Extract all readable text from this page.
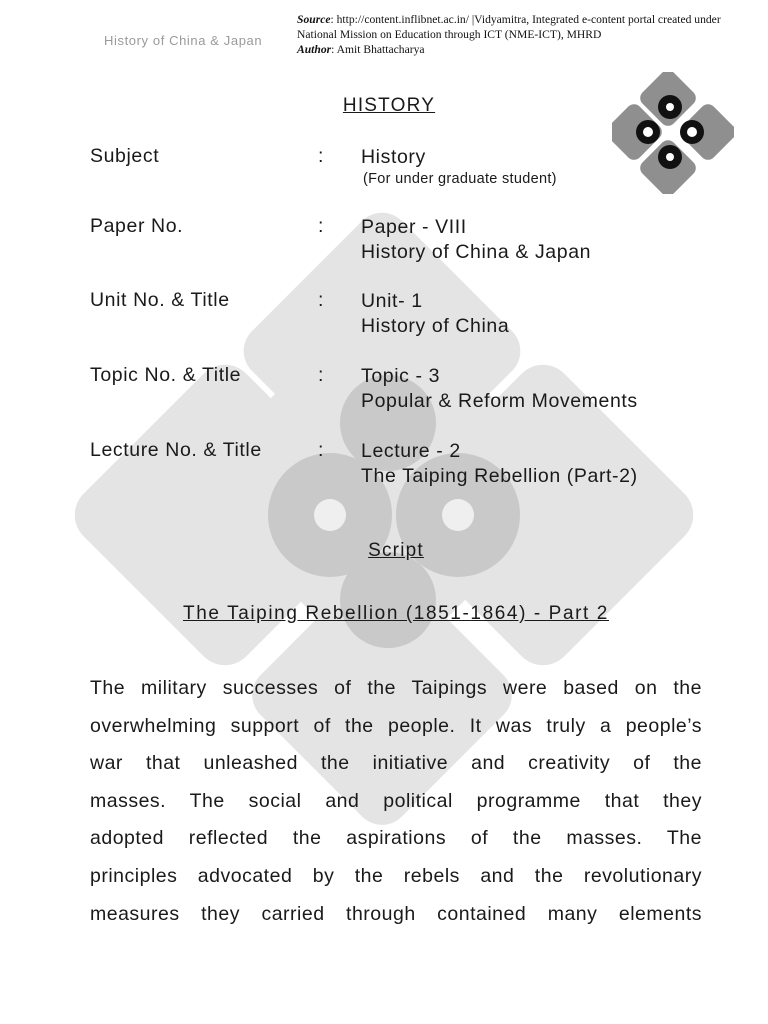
History of China & Japan
Source: http://content.inflibnet.ac.in/ |Vidyamitra, Integrated e-content portal created under National Mission on Education through ICT (NME-ICT), MHRD
Author: Amit Bhattacharya
HISTORY
Subject	: History
(For under graduate student)
Paper No.	: Paper - VIII
History of China & Japan
Unit No. & Title	: Unit- 1
History of China
Topic No. & Title	: Topic - 3
Popular & Reform Movements
Lecture No. & Title	: Lecture - 2
The Taiping Rebellion (Part-2)
Script
The Taiping Rebellion (1851-1864) - Part 2
The military successes of the Taipings were based on the
overwhelming support of the people. It was truly a people’s
war that unleashed the initiative and creativity of the
masses. The social and political programme that they
adopted reflected the aspirations of the masses. The
principles advocated by the rebels and the revolutionary
measures they carried through contained many elements
